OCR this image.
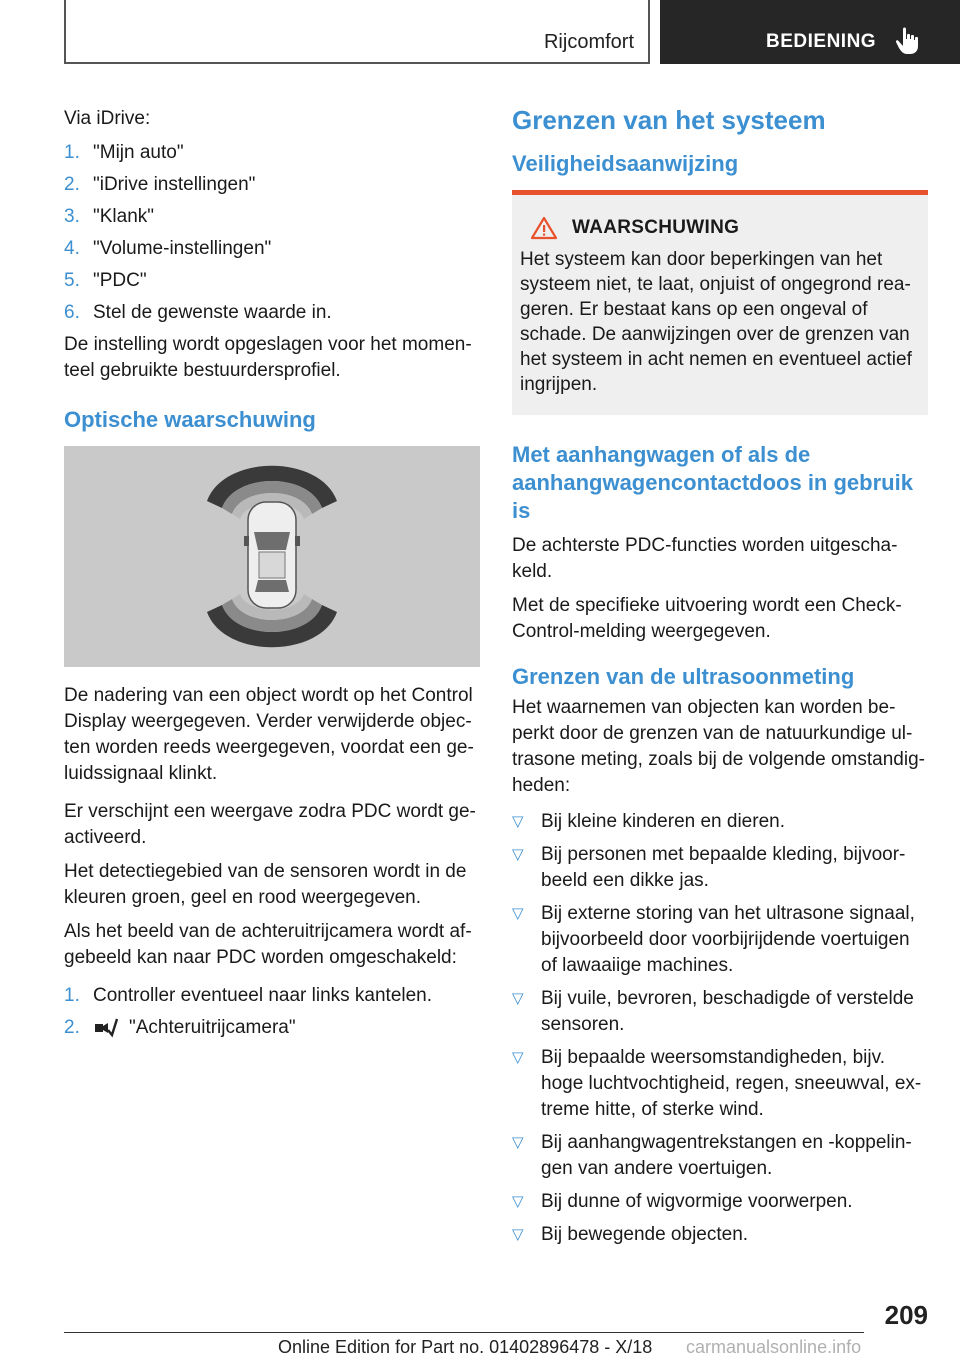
Rijcomfort	BEDIENING

Via iDrive:

1. "Mijn auto"
2. "iDrive instellingen"
3. "Klank"
4. "Volume-instellingen"
5. "PDC"
6. Stel de gewenste waarde in.

De instelling wordt opgeslagen voor het momen-teel gebruikte bestuurdersprofiel.

Optische waarschuwing

De nadering van een object wordt op het Control Display weergegeven. Verder verwijderde objec-ten worden reeds weergegeven, voordat een ge-luidssignaal klinkt.

Er verschijnt een weergave zodra PDC wordt ge-activeerd.

Het detectiegebied van de sensoren wordt in de kleuren groen, geel en rood weergegeven.

Als het beeld van de achteruitrijcamera wordt af-gebeeld kan naar PDC worden omgeschakeld:

1. Controller eventueel naar links kantelen.
2.	"Achteruitrijcamera"
Grenzen van het systeem
Veiligheidsaanwijzing
WAARSCHUWING
Het systeem kan door beperkingen van het systeem niet, te laat, onjuist of ongegrond rea-geren. Er bestaat kans op een ongeval of schade. De aanwijzingen over de grenzen van het systeem in acht nemen en eventueel actief ingrijpen.
Met aanhangwagen of als de aanhangwagencontactdoos in gebruik is

De achterste PDC-functies worden uitgescha-keld.

Met de specifieke uitvoering wordt een Check-Control-melding weergegeven.

Grenzen van de ultrasoonmeting

Het waarnemen van objecten kan worden be-perkt door de grenzen van de natuurkundige ul-trasone meting, zoals bij de volgende omstandig-heden:

▽ Bij kleine kinderen en dieren.
▽ Bij personen met bepaalde kleding, bijvoor-beeld een dikke jas.
▽ Bij externe storing van het ultrasone signaal, bijvoorbeeld door voorbijrijdende voertuigen of lawaaiige machines.
▽ Bij vuile, bevroren, beschadigde of verstelde sensoren.
▽ Bij bepaalde weersomstandigheden, bijv. hoge luchtvochtigheid, regen, sneeuwval, ex-treme hitte, of sterke wind.
▽ Bij aanhangwagentrekstangen en -koppelin-gen van andere voertuigen.
▽ Bij dunne of wigvormige voorwerpen.
▽ Bij bewegende objecten.
209
Online Edition for Part no. 01402896478 - X/18 carmanualsonline.info
